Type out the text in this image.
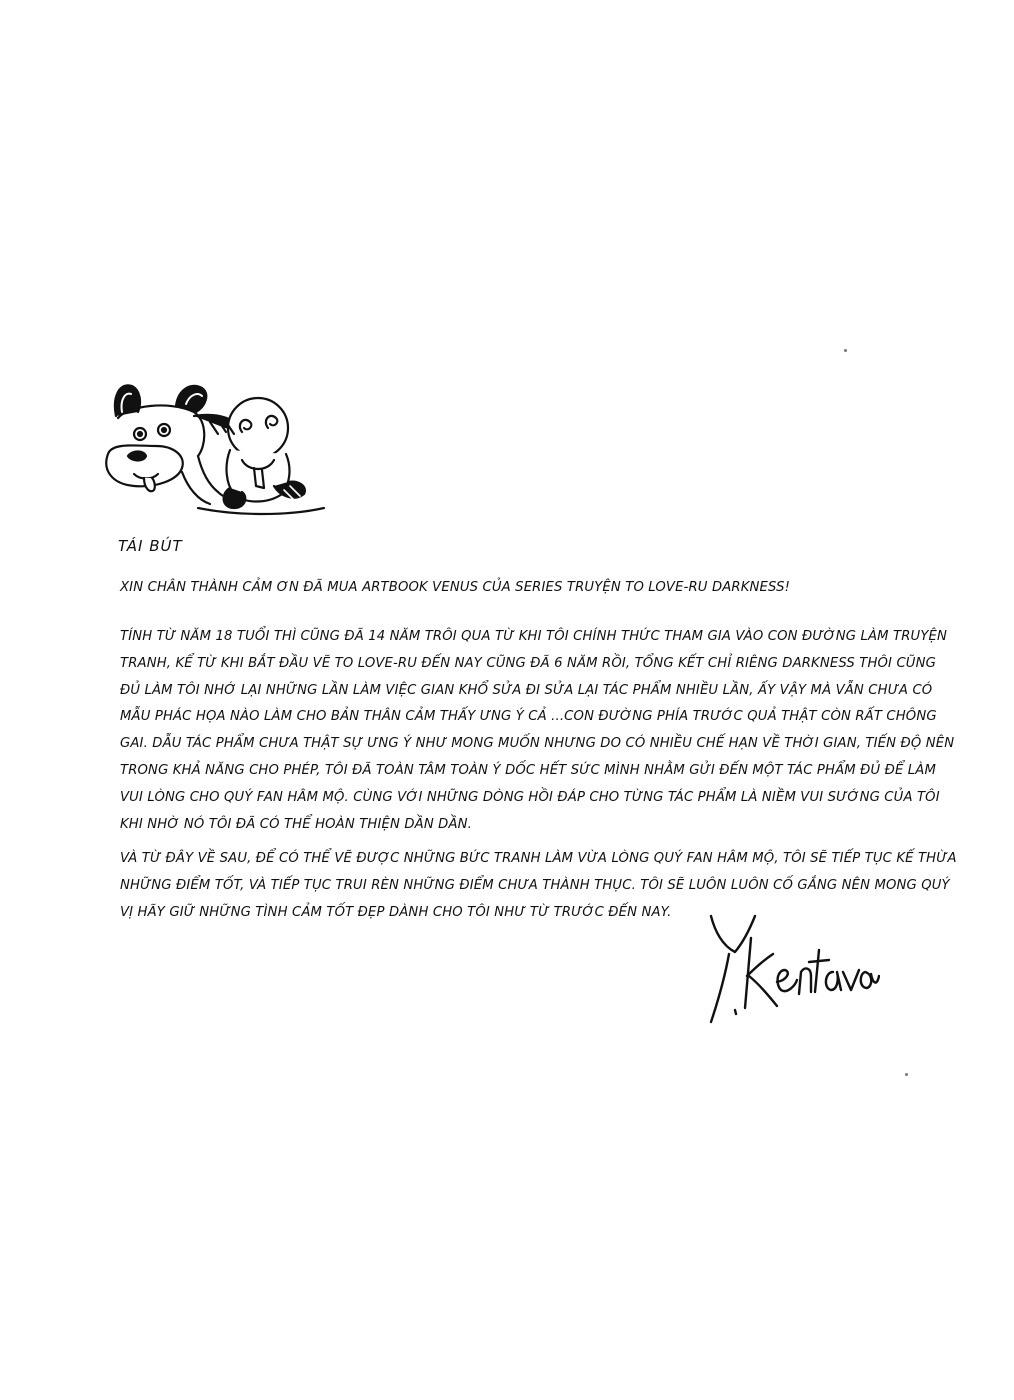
TÁI BÚT

XIN CHÂN THÀNH CẢM ƠN ĐÃ MUA ARTBOOK VENUS CỦA SERIES TRUYỆN TO LOVE-RU DARKNESS!

TÍNH TỪ NĂM 18 TUỔI THÌ CŨNG ĐÃ 14 NĂM TRÔI QUA TỪ KHI TÔI CHÍNH THỨC THAM GIA VÀO CON ĐƯỜNG LÀM TRUYỆN TRANH, KỂ TỪ KHI BẮT ĐẦU VẼ TO LOVE-RU ĐẾN NAY CŨNG ĐÃ 6 NĂM RỒI, TỔNG KẾT CHỈ RIÊNG DARKNESS THÔI CŨNG ĐỦ LÀM TÔI NHỚ LẠI NHỮNG LẦN LÀM VIỆC GIAN KHỔ SỬA ĐI SỬA LẠI TÁC PHẨM NHIỀU LẦN, ẤY VẬY MÀ VẪN CHƯA CÓ MẪU PHÁC HỌA NÀO LÀM CHO BẢN THÂN CẢM THẤY ƯNG Ý CẢ ...CON ĐƯỜNG PHÍA TRƯỚC QUẢ THẬT CÒN RẤT CHÔNG GAI. DẪU TÁC PHẨM CHƯA THẬT SỰ ƯNG Ý NHƯ MONG MUỐN NHƯNG DO CÓ NHIỀU CHẾ HẠN VỀ THỜI GIAN, TIẾN ĐỘ NÊN TRONG KHẢ NĂNG CHO PHÉP, TÔI ĐÃ TOÀN TÂM TOÀN Ý DỐC HẾT SỨC MÌNH NHẰM GỬI ĐẾN MỘT TÁC PHẨM ĐỦ ĐỂ LÀM VUI LÒNG CHO QUÝ FAN HÂM MỘ. CÙNG VỚI NHỮNG DÒNG HỒI ĐÁP CHO TỪNG TÁC PHẨM LÀ NIỀM VUI SƯỚNG CỦA TÔI KHI NHỜ NÓ TÔI ĐÃ CÓ THỂ HOÀN THIỆN DẦN DẦN.

VÀ TỪ ĐÂY VỀ SAU, ĐỂ CÓ THỂ VẼ ĐƯỢC NHỮNG BỨC TRANH LÀM VỪA LÒNG QUÝ FAN HÂM MỘ, TÔI SẼ TIẾP TỤC KẾ THỪA NHỮNG ĐIỂM TỐT, VÀ TIẾP TỤC TRUI RÈN NHỮNG ĐIỂM CHƯA THÀNH THỤC. TÔI SẼ LUÔN LUÔN CỐ GẮNG NÊN MONG QUÝ VỊ HÃY GIỮ NHỮNG TÌNH CẢM TỐT ĐẸP DÀNH CHO TÔI NHƯ TỪ TRƯỚC ĐẾN NAY.
